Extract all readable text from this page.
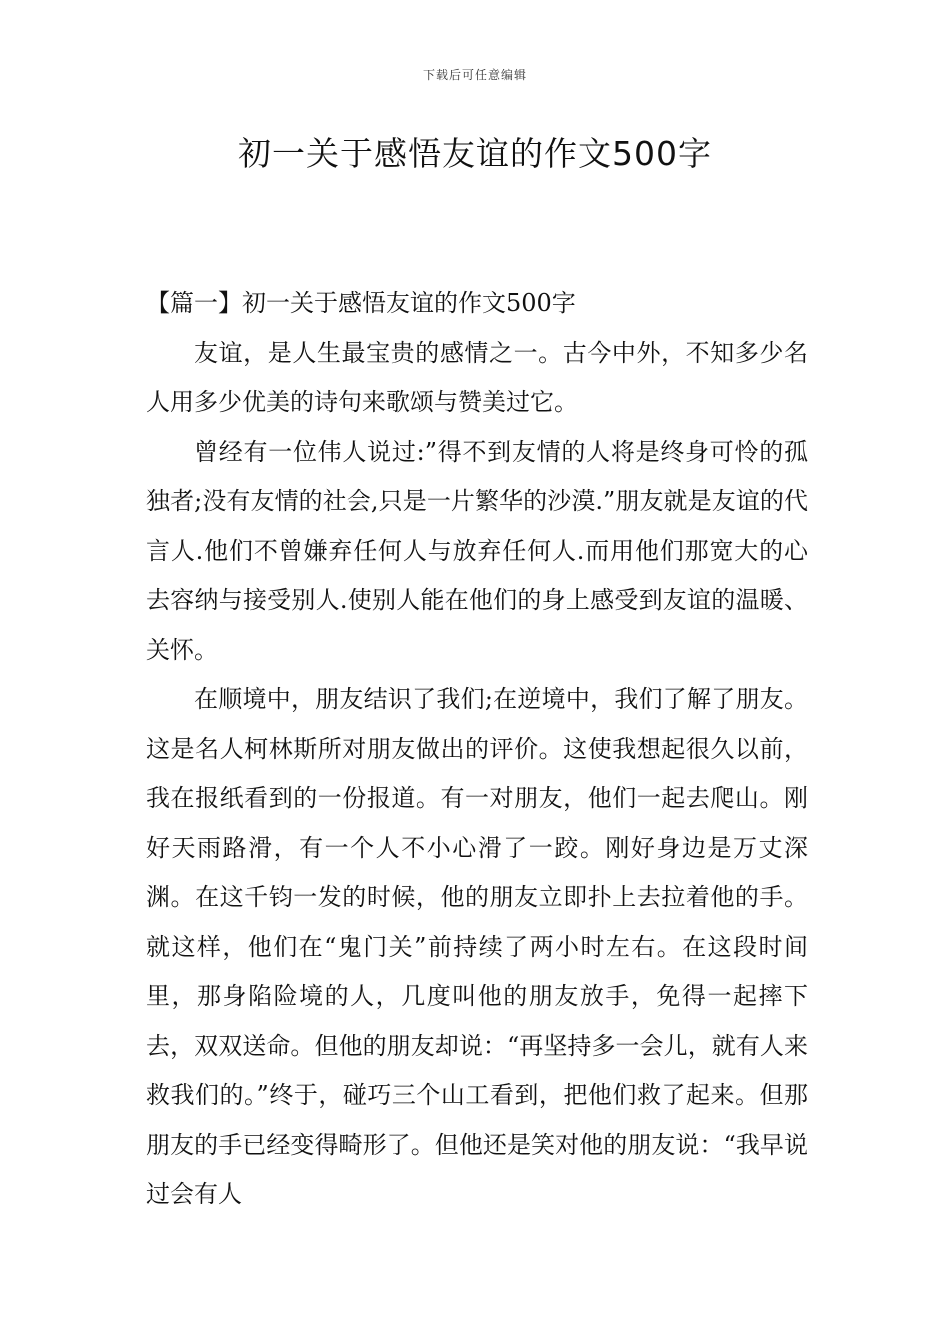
下载后可任意编辑
初一关于感悟友谊的作文500字

【篇一】初一关于感悟友谊的作文500字

友谊，是人生最宝贵的感情之一。古今中外，不知多少名人用多少优美的诗句来歌颂与赞美过它。

曾经有一位伟人说过:”得不到友情的人将是终身可怜的孤独者;没有友情的社会,只是一片繁华的沙漠.”朋友就是友谊的代言人.他们不曾嫌弃任何人与放弃任何人.而用他们那宽大的心去容纳与接受别人.使别人能在他们的身上感受到友谊的温暖、关怀。

在顺境中，朋友结识了我们;在逆境中，我们了解了朋友。这是名人柯林斯所对朋友做出的评价。这使我想起很久以前，我在报纸看到的一份报道。有一对朋友，他们一起去爬山。刚好天雨路滑，有一个人不小心滑了一跤。刚好身边是万丈深渊。在这千钧一发的时候，他的朋友立即扑上去拉着他的手。就这样，他们在“鬼门关”前持续了两小时左右。在这段时间里，那身陷险境的人，几度叫他的朋友放手，免得一起摔下去，双双送命。但他的朋友却说：“再坚持多一会儿，就有人来救我们的。”终于，碰巧三个山工看到，把他们救了起来。但那朋友的手已经变得畸形了。但他还是笑对他的朋友说：“我早说过会有人
